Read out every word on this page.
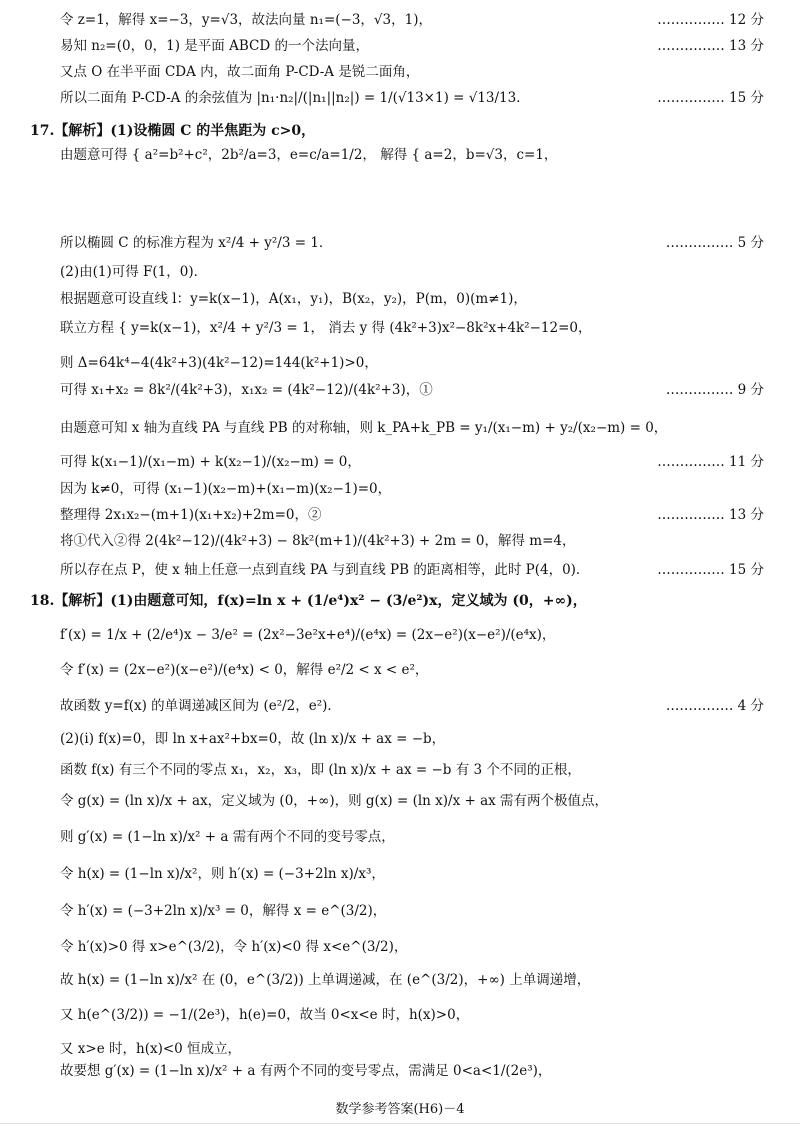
令 z=1，解得 x=−3，y=√3，故法向量 n₁=(−3，√3，1)，	…………… 12 分
易知 n₂=(0，0，1) 是平面 ABCD 的一个法向量，	…………… 13 分
又点 O 在半平面 CDA 内，故二面角 P-CD-A 是锐二面角，
所以二面角 P-CD-A 的余弦值为 |n₁·n₂|/(|n₁||n₂|) = 1/(√13×1) = √13/13．	…………… 15 分
17.【解析】(1)设椭圆 C 的半焦距为 c>0，
由题意可得 { a²=b²+c²，2b²/a=3，e=c/a=1/2， 解得 { a=2，b=√3，c=1，
所以椭圆 C 的标准方程为 x²/4 + y²/3 = 1．	…………… 5 分
(2)由(1)可得 F(1，0)．
根据题意可设直线 l：y=k(x−1)，A(x₁，y₁)，B(x₂，y₂)，P(m，0)(m≠1)，
联立方程 { y=k(x−1)，x²/4 + y²/3 = 1， 消去 y 得 (4k²+3)x²−8k²x+4k²−12=0，
则 Δ=64k⁴−4(4k²+3)(4k²−12)=144(k²+1)>0，
可得 x₁+x₂ = 8k²/(4k²+3)，x₁x₂ = (4k²−12)/(4k²+3)，①	…………… 9 分
由题意可知 x 轴为直线 PA 与直线 PB 的对称轴，则 k_PA+k_PB = y₁/(x₁−m) + y₂/(x₂−m) = 0，
可得 k(x₁−1)/(x₁−m) + k(x₂−1)/(x₂−m) = 0，	…………… 11 分
因为 k≠0，可得 (x₁−1)(x₂−m)+(x₁−m)(x₂−1)=0，
整理得 2x₁x₂−(m+1)(x₁+x₂)+2m=0，②	…………… 13 分
将①代入②得 2(4k²−12)/(4k²+3) − 8k²(m+1)/(4k²+3) + 2m = 0，解得 m=4，
所以存在点 P，使 x 轴上任意一点到直线 PA 与到直线 PB 的距离相等，此时 P(4，0)．	…………… 15 分
18.【解析】(1)由题意可知，f(x)=ln x + (1/e⁴)x² − (3/e²)x，定义域为 (0，+∞)，
f′(x) = 1/x + (2/e⁴)x − 3/e² = (2x²−3e²x+e⁴)/(e⁴x) = (2x−e²)(x−e²)/(e⁴x)，
令 f′(x) = (2x−e²)(x−e²)/(e⁴x) < 0，解得 e²/2 < x < e²，
故函数 y=f(x) 的单调递减区间为 (e²/2，e²)．	…………… 4 分
(2)(ⅰ) f(x)=0，即 ln x+ax²+bx=0，故 (ln x)/x + ax = −b，
函数 f(x) 有三个不同的零点 x₁，x₂，x₃，即 (ln x)/x + ax = −b 有 3 个不同的正根，
令 g(x) = (ln x)/x + ax，定义域为 (0，+∞)，则 g(x) = (ln x)/x + ax 需有两个极值点，
则 g′(x) = (1−ln x)/x² + a 需有两个不同的变号零点，
令 h(x) = (1−ln x)/x²，则 h′(x) = (−3+2ln x)/x³，
令 h′(x) = (−3+2ln x)/x³ = 0，解得 x = e^(3/2)，
令 h′(x)>0 得 x>e^(3/2)，令 h′(x)<0 得 x<e^(3/2)，
故 h(x) = (1−ln x)/x² 在 (0，e^(3/2)) 上单调递减，在 (e^(3/2)，+∞) 上单调递增，
又 h(e^(3/2)) = −1/(2e³)，h(e)=0，故当 0<x<e 时，h(x)>0，
又 x>e 时，h(x)<0 恒成立，
故要想 g′(x) = (1−ln x)/x² + a 有两个不同的变号零点，需满足 0<a<1/(2e³)，
数学参考答案(H6)－4
